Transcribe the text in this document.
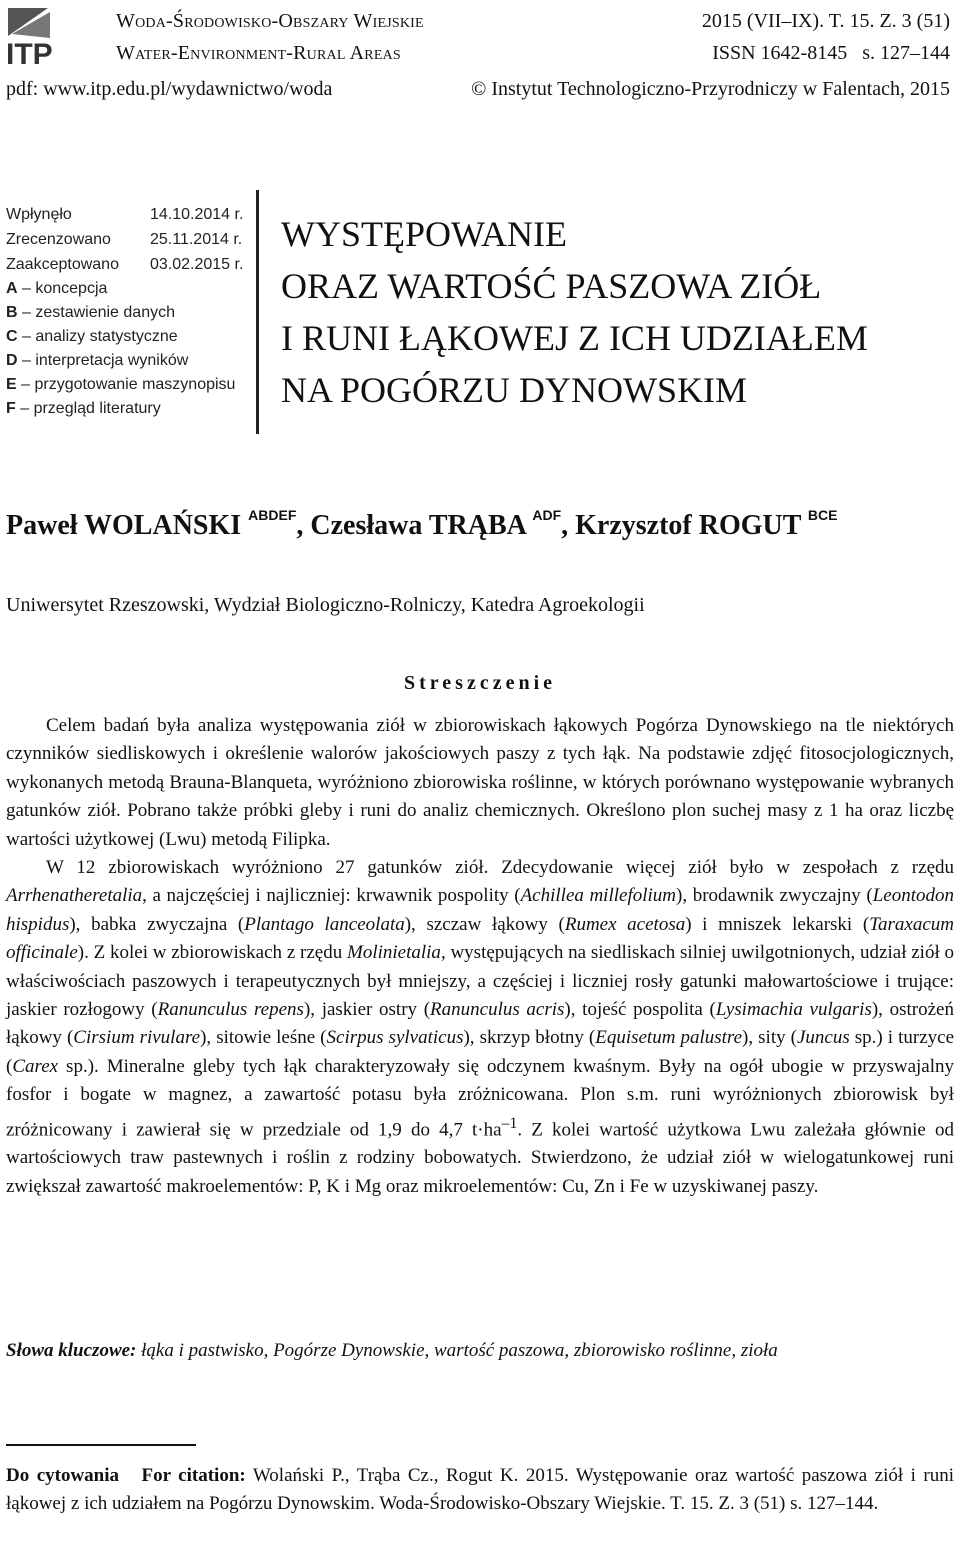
ITP
Woda-Środowisko-Obszary Wiejskie
Water-Environment-Rural Areas
2015 (VII–IX). T. 15. Z. 3 (51)
ISSN 1642-8145   s. 127–144
pdf: www.itp.edu.pl/wydawnictwo/woda	© Instytut Technologiczno-Przyrodniczy w Falentach, 2015
Wpłynęło	14.10.2014 r.
Zrecenzowano 25.11.2014 r.
Zaakceptowano 03.02.2015 r.
A – koncepcja
B – zestawienie danych
C – analizy statystyczne
D – interpretacja wyników
E – przygotowanie maszynopisu
F – przegląd literatury
WYSTĘPOWANIE
ORAZ WARTOŚĆ PASZOWA ZIÓŁ
I RUNI ŁĄKOWEJ Z ICH UDZIAŁEM
NA POGÓRZU DYNOWSKIM
Paweł WOLAŃSKI $^{ABDEF}$, Czesława TRĄBA $^{ADF}$, Krzysztof ROGUT $^{BCE}$
Uniwersytet Rzeszowski, Wydział Biologiczno-Rolniczy, Katedra Agroekologii
Streszczenie

Celem badań była analiza występowania ziół w zbiorowiskach łąkowych Pogórza Dynowskiego na tle niektórych czynników siedliskowych i określenie walorów jakościowych paszy z tych łąk. Na podstawie zdjęć fitosocjologicznych, wykonanych metodą Brauna-Blanqueta, wyróżniono zbiorowiska roślinne, w których porównano występowanie wybranych gatunków ziół. Pobrano także próbki gleby i runi do analiz chemicznych. Określono plon suchej masy z 1 ha oraz liczbę wartości użytkowej (Lwu) metodą Filipka.

W 12 zbiorowiskach wyróżniono 27 gatunków ziół. Zdecydowanie więcej ziół było w zespołach z rzędu Arrhenatheretalia, a najczęściej i najliczniej: krwawnik pospolity (Achillea millefolium), brodawnik zwyczajny (Leontodon hispidus), babka zwyczajna (Plantago lanceolata), szczaw łąkowy (Rumex acetosa) i mniszek lekarski (Taraxacum officinale). Z kolei w zbiorowiskach z rzędu Molinietalia, występujących na siedliskach silniej uwilgotnionych, udział ziół o właściwościach paszowych i terapeutycznych był mniejszy, a częściej i liczniej rosły gatunki małowartościowe i trujące: jaskier rozłogowy (Ranunculus repens), jaskier ostry (Ranunculus acris), tojeść pospolita (Lysimachia vulgaris), ostrożeń łąkowy (Cirsium rivulare), sitowie leśne (Scirpus sylvaticus), skrzyp błotny (Equisetum palustre), sity (Juncus sp.) i turzyce (Carex sp.). Mineralne gleby tych łąk charakteryzowały się odczynem kwaśnym. Były na ogół ubogie w przyswajalny fosfor i bogate w magnez, a zawartość potasu była zróżnicowana. Plon s.m. runi wyróżnionych zbiorowisk był zróżnicowany i zawierał się w przedziale od 1,9 do 4,7 $t\cdot ha^{-1}$. Z kolei wartość użytkowa Lwu zależała głównie od wartościowych traw pastewnych i roślin z rodziny bobowatych. Stwierdzono, że udział ziół w wielogatunkowej runi zwiększał zawartość makroelementów: P, K i Mg oraz mikroelementów: Cu, Zn i Fe w uzyskiwanej paszy.

Słowa kluczowe: łąka i pastwisko, Pogórze Dynowskie, wartość paszowa, zbiorowisko roślinne, zioła
Do cytowania For citation: Wolański P., Trąba Cz., Rogut K. 2015. Występowanie oraz wartość paszowa ziół i runi łąkowej z ich udziałem na Pogórzu Dynowskim. Woda-Środowisko-Obszary Wiejskie. T. 15. Z. 3 (51) s. 127–144.
